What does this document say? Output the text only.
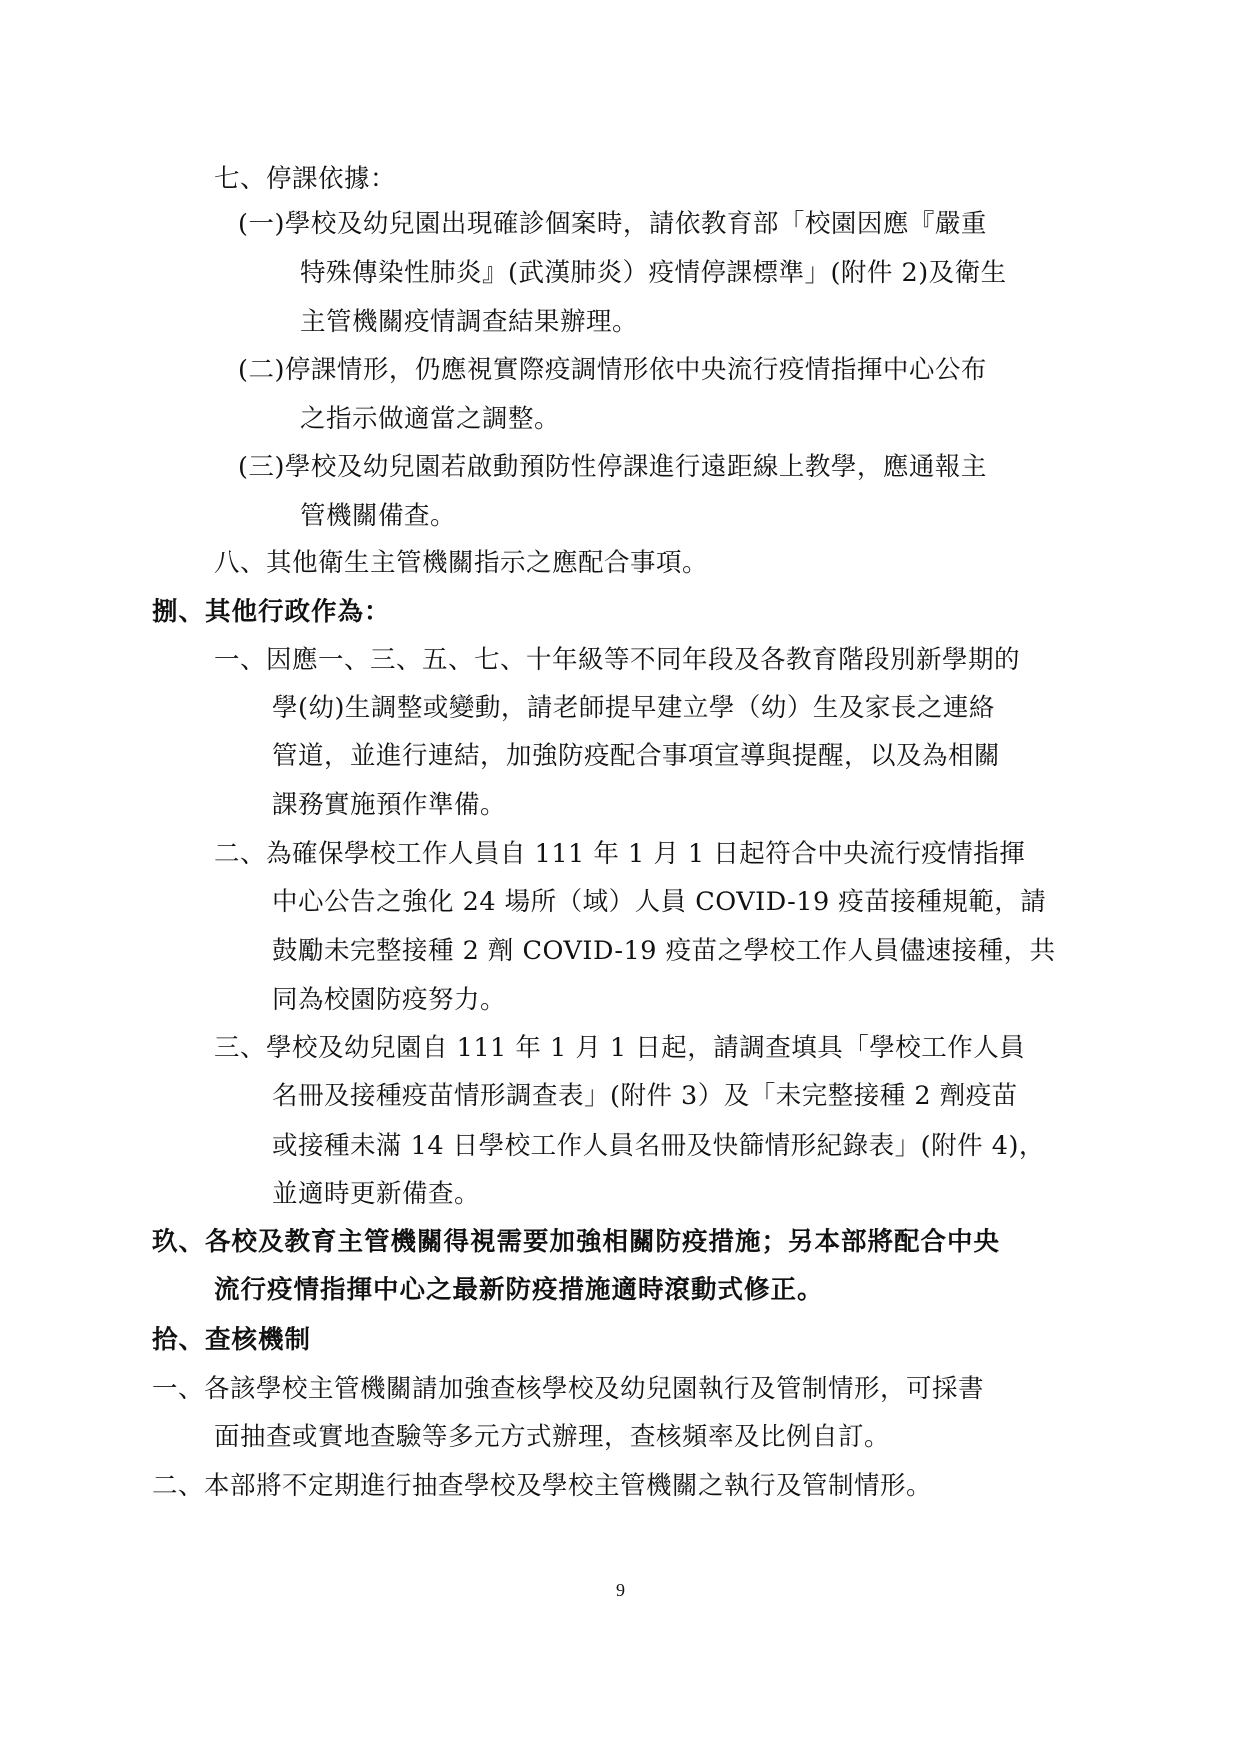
七、停課依據：
(一)學校及幼兒園出現確診個案時，請依教育部「校園因應『嚴重
特殊傳染性肺炎』(武漢肺炎）疫情停課標準」(附件 2)及衛生
主管機關疫情調查結果辦理。
(二)停課情形，仍應視實際疫調情形依中央流行疫情指揮中心公布
之指示做適當之調整。
(三)學校及幼兒園若啟動預防性停課進行遠距線上教學，應通報主
管機關備查。
八、其他衛生主管機關指示之應配合事項。
捌、其他行政作為：
一、因應一、三、五、七、十年級等不同年段及各教育階段別新學期的
學(幼)生調整或變動，請老師提早建立學（幼）生及家長之連絡
管道，並進行連結，加強防疫配合事項宣導與提醒，以及為相關
課務實施預作準備。
二、為確保學校工作人員自 111 年 1 月 1 日起符合中央流行疫情指揮
中心公告之強化 24 場所（域）人員 COVID-19 疫苗接種規範，請
鼓勵未完整接種 2 劑 COVID-19 疫苗之學校工作人員儘速接種，共
同為校園防疫努力。
三、學校及幼兒園自 111 年 1 月 1 日起，請調查填具「學校工作人員
名冊及接種疫苗情形調查表」(附件 3）及「未完整接種 2 劑疫苗
或接種未滿 14 日學校工作人員名冊及快篩情形紀錄表」(附件 4)，
並適時更新備查。
玖、各校及教育主管機關得視需要加強相關防疫措施；另本部將配合中央
流行疫情指揮中心之最新防疫措施適時滾動式修正。
拾、查核機制
一、各該學校主管機關請加強查核學校及幼兒園執行及管制情形，可採書
面抽查或實地查驗等多元方式辦理，查核頻率及比例自訂。
二、本部將不定期進行抽查學校及學校主管機關之執行及管制情形。
9
